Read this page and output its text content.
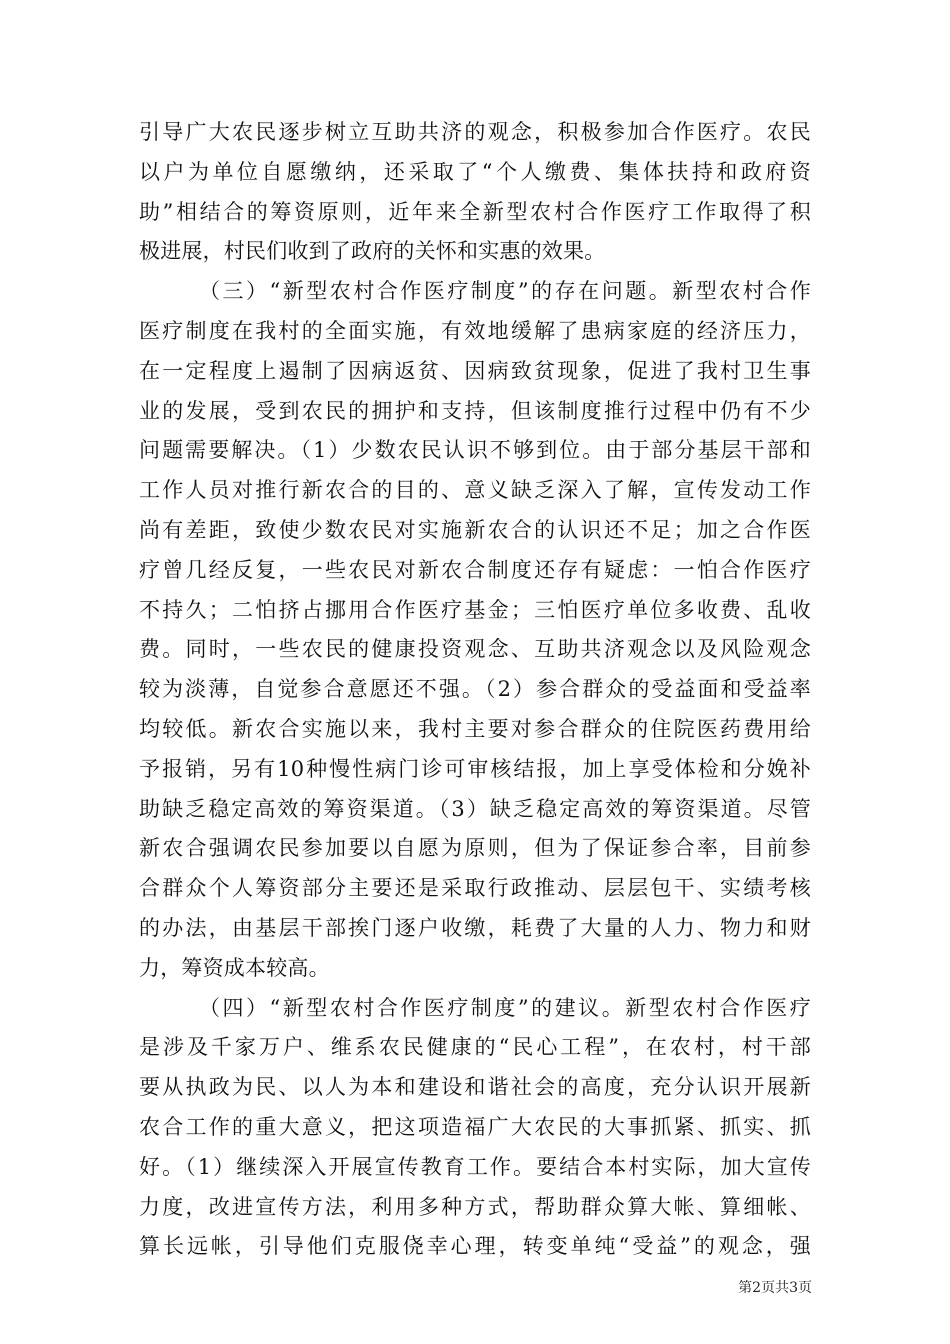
引导广大农民逐步树立互助共济的观念，积极参加合作医疗。农民
以户为单位自愿缴纳，还采取了“个人缴费、集体扶持和政府资
助”相结合的筹资原则，近年来全新型农村合作医疗工作取得了积
极进展，村民们收到了政府的关怀和实惠的效果。
（三）“新型农村合作医疗制度”的存在问题。新型农村合作
医疗制度在我村的全面实施，有效地缓解了患病家庭的经济压力，
在一定程度上遏制了因病返贫、因病致贫现象，促进了我村卫生事
业的发展，受到农民的拥护和支持，但该制度推行过程中仍有不少
问题需要解决。（1）少数农民认识不够到位。由于部分基层干部和
工作人员对推行新农合的目的、意义缺乏深入了解，宣传发动工作
尚有差距，致使少数农民对实施新农合的认识还不足；加之合作医
疗曾几经反复，一些农民对新农合制度还存有疑虑：一怕合作医疗
不持久；二怕挤占挪用合作医疗基金；三怕医疗单位多收费、乱收
费。同时，一些农民的健康投资观念、互助共济观念以及风险观念
较为淡薄，自觉参合意愿还不强。（2）参合群众的受益面和受益率
均较低。新农合实施以来，我村主要对参合群众的住院医药费用给
予报销，另有10种慢性病门诊可审核结报，加上享受体检和分娩补
助缺乏稳定高效的筹资渠道。（3）缺乏稳定高效的筹资渠道。尽管
新农合强调农民参加要以自愿为原则，但为了保证参合率，目前参
合群众个人筹资部分主要还是采取行政推动、层层包干、实绩考核
的办法，由基层干部挨门逐户收缴，耗费了大量的人力、物力和财
力，筹资成本较高。
（四）“新型农村合作医疗制度”的建议。新型农村合作医疗
是涉及千家万户、维系农民健康的“民心工程”，在农村，村干部
要从执政为民、以人为本和建设和谐社会的高度，充分认识开展新
农合工作的重大意义，把这项造福广大农民的大事抓紧、抓实、抓
好。（1）继续深入开展宣传教育工作。要结合本村实际，加大宣传
力度，改进宣传方法，利用多种方式，帮助群众算大帐、算细帐、
算长远帐，引导他们克服侥幸心理，转变单纯“受益”的观念，强
第2页共3页
